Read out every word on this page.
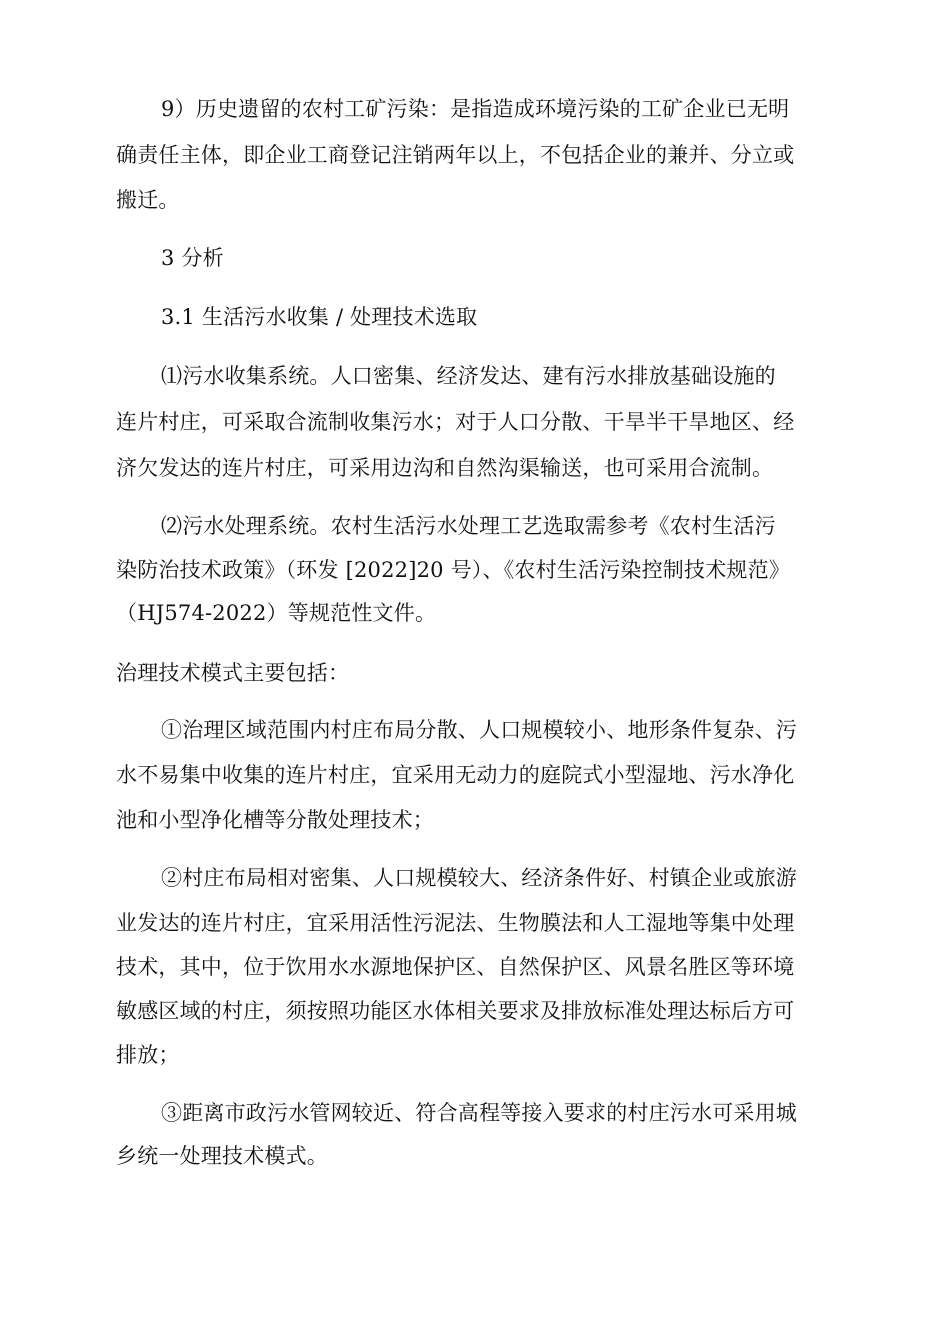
9）历史遗留的农村工矿污染：是指造成环境污染的工矿企业已无明
确责任主体，即企业工商登记注销两年以上，不包括企业的兼并、分立或
搬迁。
3 分析
3.1 生活污水收集 / 处理技术选取
⑴污水收集系统。人口密集、经济发达、建有污水排放基础设施的
连片村庄，可采取合流制收集污水；对于人口分散、干旱半干旱地区、经
济欠发达的连片村庄，可采用边沟和自然沟渠输送，也可采用合流制。
⑵污水处理系统。农村生活污水处理工艺选取需参考《农村生活污
染防治技术政策》（环发 [2022]20 号）、《农村生活污染控制技术规范》
（HJ574-2022）等规范性文件。
治理技术模式主要包括：
①治理区域范围内村庄布局分散、人口规模较小、地形条件复杂、污
水不易集中收集的连片村庄，宜采用无动力的庭院式小型湿地、污水净化
池和小型净化槽等分散处理技术；
②村庄布局相对密集、人口规模较大、经济条件好、村镇企业或旅游
业发达的连片村庄，宜采用活性污泥法、生物膜法和人工湿地等集中处理
技术，其中，位于饮用水水源地保护区、自然保护区、风景名胜区等环境
敏感区域的村庄，须按照功能区水体相关要求及排放标准处理达标后方可
排放；
③距离市政污水管网较近、符合高程等接入要求的村庄污水可采用城
乡统一处理技术模式。
